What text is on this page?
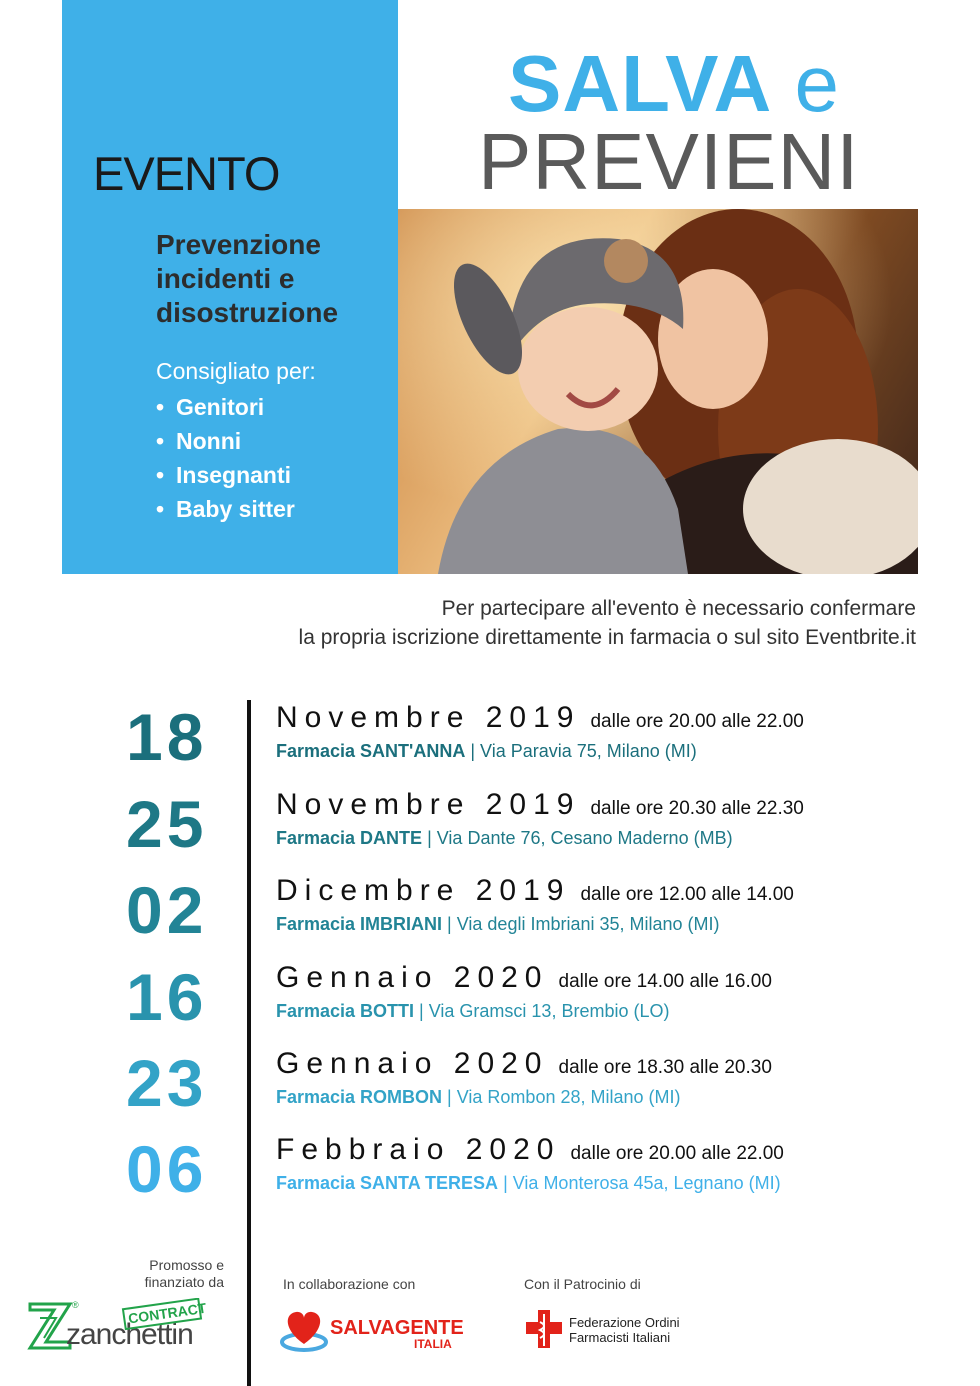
EVENTO
Prevenzione
incidenti e
disostruzione
Consigliato per:
• Genitori
• Nonni
• Insegnanti
• Baby sitter
SALVA e
PREVIENI
Per partecipare all'evento è necessario confermare
la propria iscrizione direttamente in farmacia o sul sito Eventbrite.it
18 Novembre 2019 dalle ore 20.00 alle 22.00
Farmacia SANT'ANNA | Via Paravia 75, Milano (MI)
25 Novembre 2019 dalle ore 20.30 alle 22.30
Farmacia DANTE | Via Dante 76, Cesano Maderno (MB)
02 Dicembre 2019 dalle ore 12.00 alle 14.00
Farmacia IMBRIANI | Via degli Imbriani 35, Milano (MI)
16 Gennaio 2020 dalle ore 14.00 alle 16.00
Farmacia BOTTI | Via Gramsci 13, Brembio (LO)
23 Gennaio 2020 dalle ore 18.30 alle 20.30
Farmacia ROMBON | Via Rombon 28, Milano (MI)
06 Febbraio 2020 dalle ore 20.00 alle 22.00
Farmacia SANTA TERESA | Via Monterosa 45a, Legnano (MI)
Promosso e
finanziato da	In collaborazione con	Con il Patrocinio di
®
zanchettin
CONTRACT
SALVAGENTE
ITALIA
Federazione Ordini
Farmacisti Italiani
